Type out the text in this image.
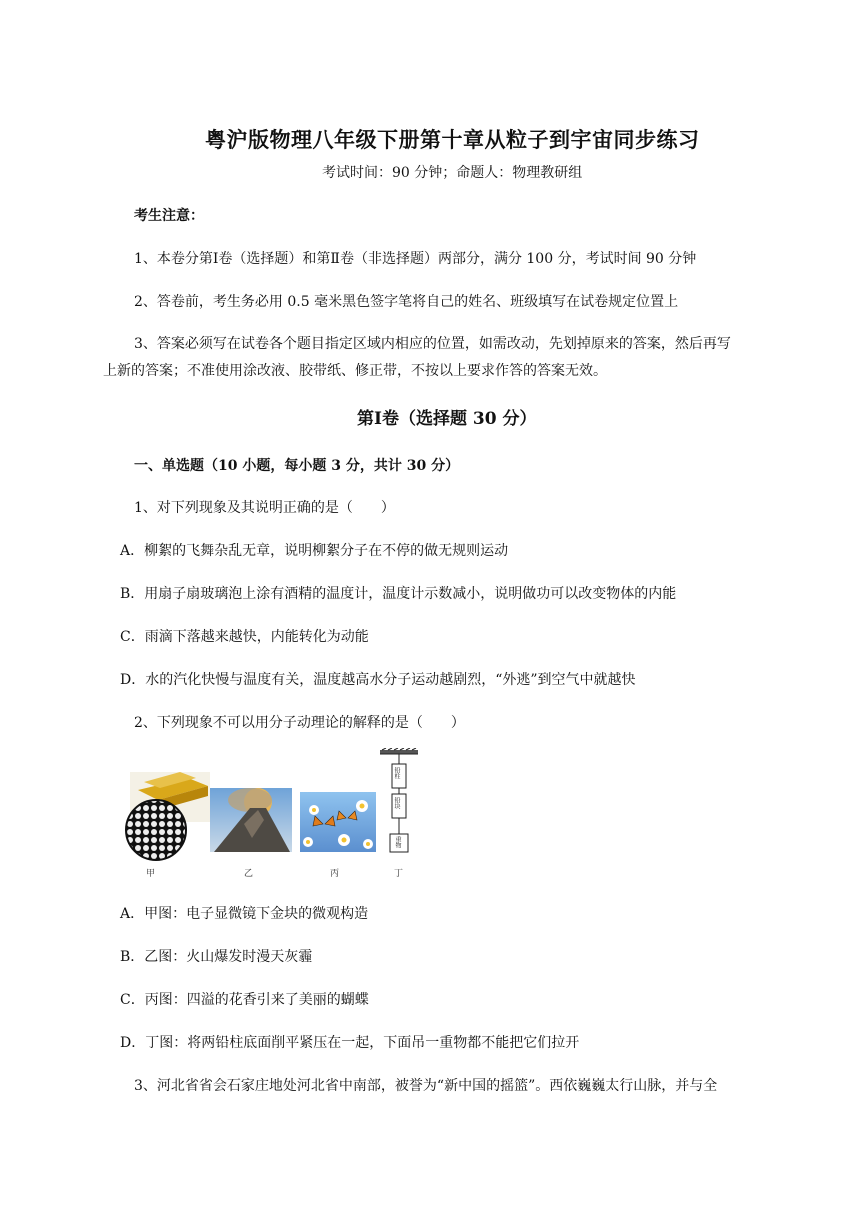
粤沪版物理八年级下册第十章从粒子到宇宙同步练习
考试时间：90 分钟；命题人：物理教研组
考生注意：
1、本卷分第Ⅰ卷（选择题）和第Ⅱ卷（非选择题）两部分，满分 100 分，考试时间 90 分钟
2、答卷前，考生务必用 0.5 毫米黑色签字笔将自己的姓名、班级填写在试卷规定位置上
3、答案必须写在试卷各个题目指定区域内相应的位置，如需改动，先划掉原来的答案，然后再写
上新的答案；不准使用涂改液、胶带纸、修正带，不按以上要求作答的答案无效。
第Ⅰ卷（选择题 30 分）
一、单选题（10 小题，每小题 3 分，共计 30 分）
1、对下列现象及其说明正确的是（　　）
A．柳絮的飞舞杂乱无章，说明柳絮分子在不停的做无规则运动
B．用扇子扇玻璃泡上涂有酒精的温度计，温度计示数减小，说明做功可以改变物体的内能
C．雨滴下落越来越快，内能转化为动能
D．水的汽化快慢与温度有关，温度越高水分子运动越剧烈，“外逃”到空气中就越快
2、下列现象不可以用分子动理论的解释的是（　　）
铅柱
铅块
重物
甲	乙	丙	丁
A．甲图：电子显微镜下金块的微观构造
B．乙图：火山爆发时漫天灰霾
C．丙图：四溢的花香引来了美丽的蝴蝶
D．丁图：将两铅柱底面削平紧压在一起，下面吊一重物都不能把它们拉开
3、河北省省会石家庄地处河北省中南部，被誉为“新中国的摇篮”。西依巍巍太行山脉，并与全
